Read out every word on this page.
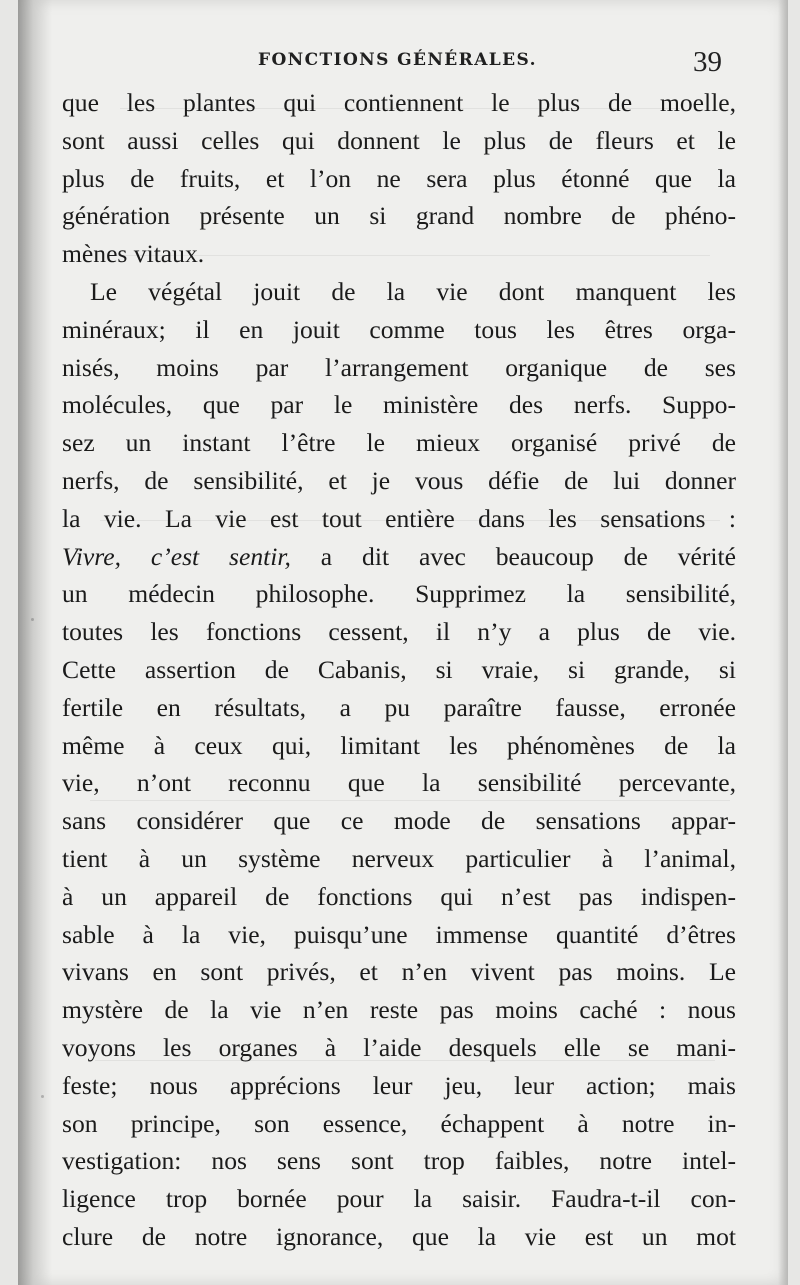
FONCTIONS GÉNÉRALES.	39
que les plantes qui contiennent le plus de moelle,
sont aussi celles qui donnent le plus de fleurs et le
plus de fruits, et l’on ne sera plus étonné que la
génération présente un si grand nombre de phéno-
mènes vitaux.
Le végétal jouit de la vie dont manquent les
minéraux; il en jouit comme tous les êtres orga-
nisés, moins par l’arrangement organique de ses
molécules, que par le ministère des nerfs. Suppo-
sez un instant l’être le mieux organisé privé de
nerfs, de sensibilité, et je vous défie de lui donner
la vie. La vie est tout entière dans les sensations :
Vivre, c’est sentir, a dit avec beaucoup de vérité
un médecin philosophe. Supprimez la sensibilité,
toutes les fonctions cessent, il n’y a plus de vie.
Cette assertion de Cabanis, si vraie, si grande, si
fertile en résultats, a pu paraître fausse, erronée
même à ceux qui, limitant les phénomènes de la
vie, n’ont reconnu que la sensibilité percevante,
sans considérer que ce mode de sensations appar-
tient à un système nerveux particulier à l’animal,
à un appareil de fonctions qui n’est pas indispen-
sable à la vie, puisqu’une immense quantité d’êtres
vivans en sont privés, et n’en vivent pas moins. Le
mystère de la vie n’en reste pas moins caché : nous
voyons les organes à l’aide desquels elle se mani-
feste; nous apprécions leur jeu, leur action; mais
son principe, son essence, échappent à notre in-
vestigation: nos sens sont trop faibles, notre intel-
ligence trop bornée pour la saisir. Faudra-t-il con-
clure de notre ignorance, que la vie est un mot
